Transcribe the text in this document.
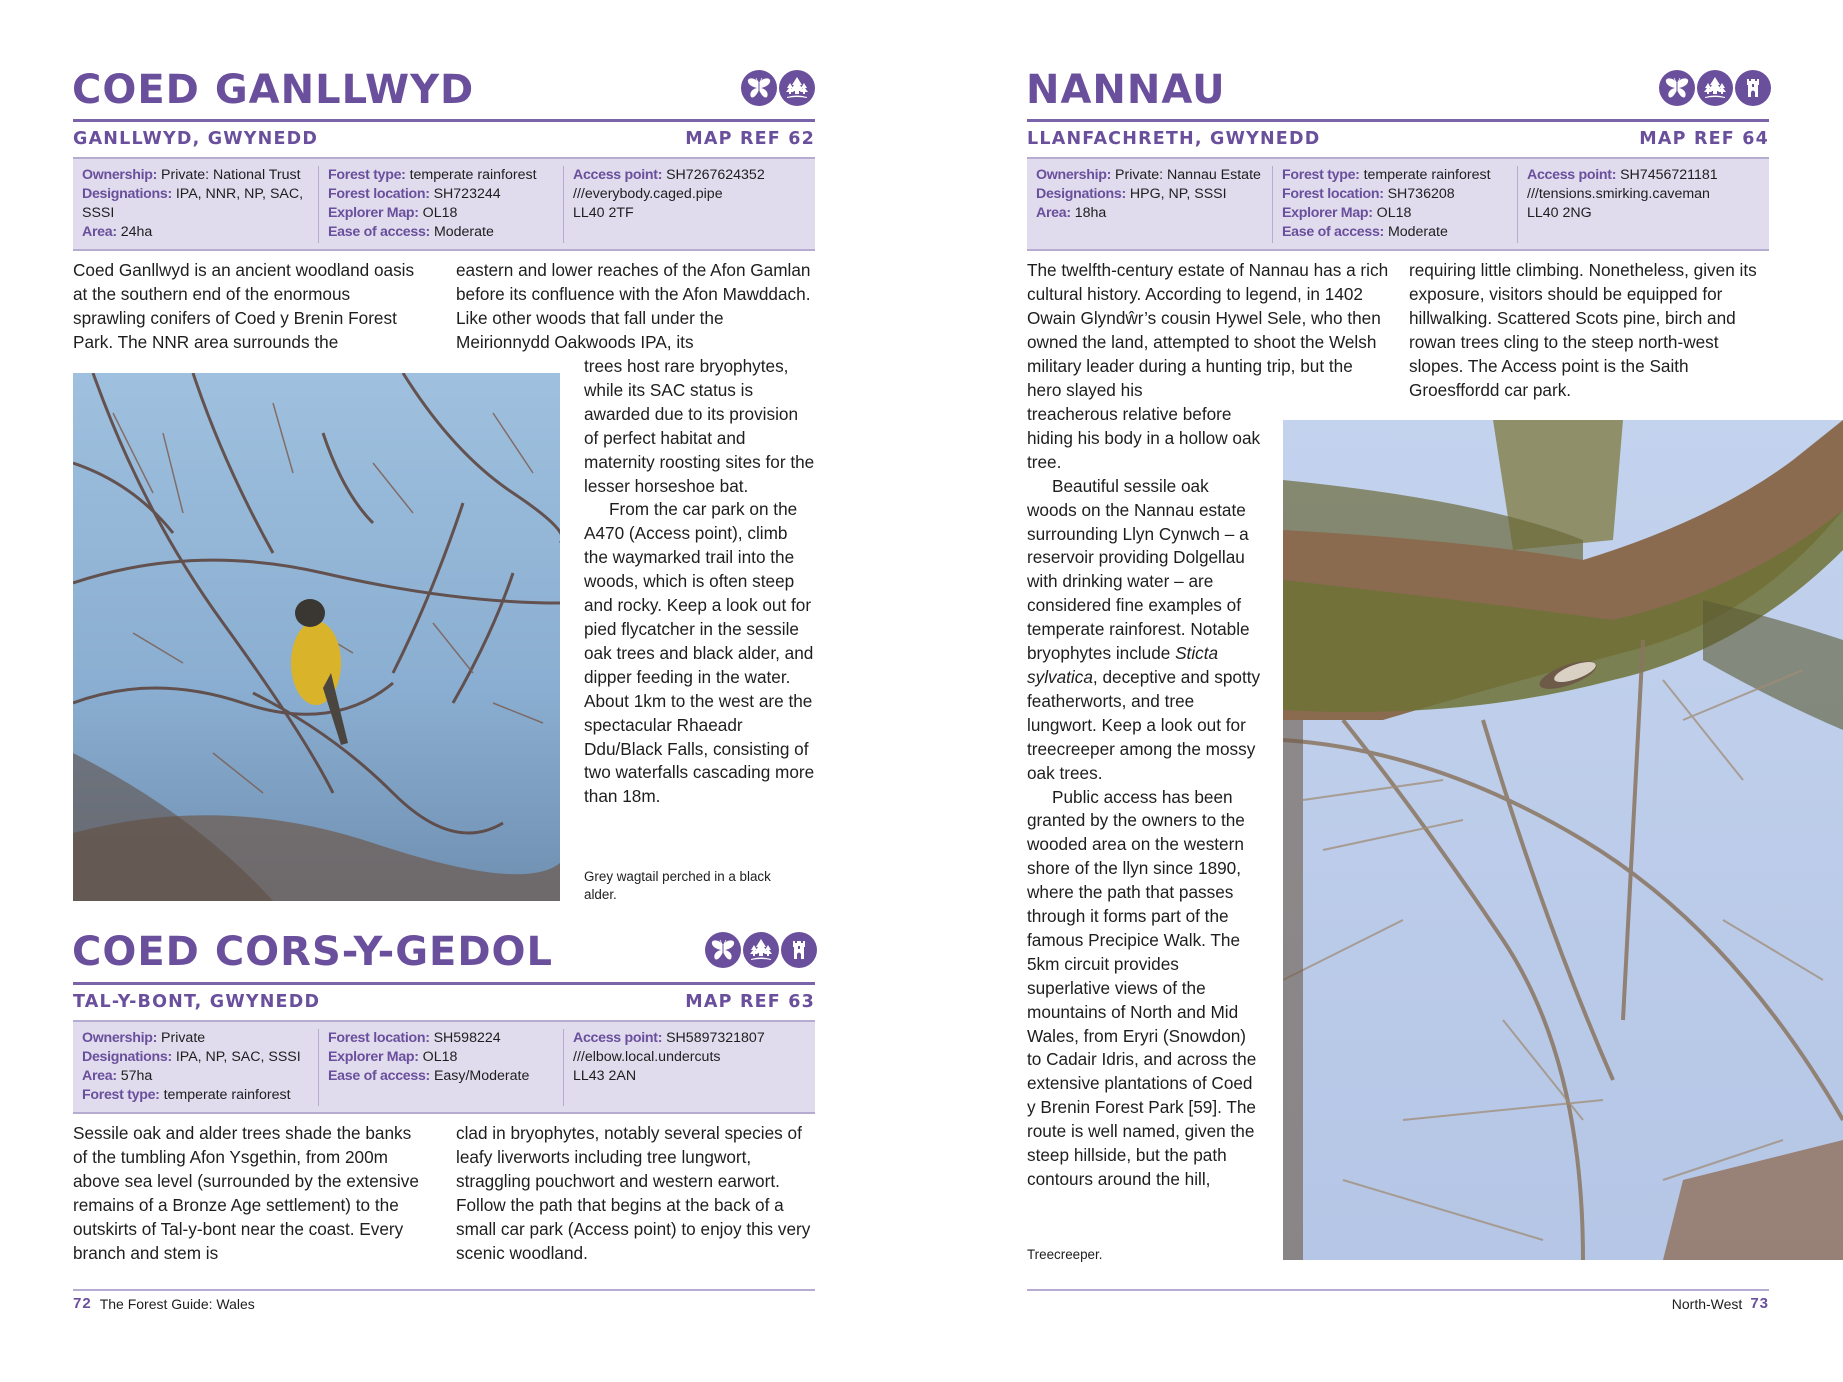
COED GANLLWYD
GANLLWYD, GWYNEDD	MAP REF 62
Ownership: Private: National Trust
Designations: IPA, NNR, NP, SAC, SSSI
Area: 24ha
Forest type: temperate rainforest
Forest location: SH723244
Explorer Map: OL18
Ease of access: Moderate
Access point: SH7267624352
///everybody.caged.pipe
LL40 2TF

Coed Ganllwyd is an ancient woodland oasis at the southern end of the enormous sprawling conifers of Coed y Brenin Forest Park. The NNR area surrounds the

eastern and lower reaches of the Afon Gamlan before its confluence with the Afon Mawddach. Like other woods that fall under the Meirionnydd Oakwoods IPA, its

trees host rare bryophytes, while its SAC status is awarded due to its provision of perfect habitat and maternity roosting sites for the lesser horseshoe bat.

From the car park on the A470 (Access point), climb the waymarked trail into the woods, which is often steep and rocky. Keep a look out for pied flycatcher in the sessile oak trees and black alder, and dipper feeding in the water. About 1km to the west are the spectacular Rhaeadr Ddu/Black Falls, consisting of two waterfalls cascading more than 18m.

Grey wagtail perched in a black alder.
COED CORS-Y-GEDOL
TAL-Y-BONT, GWYNEDD	MAP REF 63
Ownership: Private
Designations: IPA, NP, SAC, SSSI
Area: 57ha
Forest type: temperate rainforest
Forest location: SH598224
Explorer Map: OL18
Ease of access: Easy/Moderate
Access point: SH5897321807
///elbow.local.undercuts
LL43 2AN

Sessile oak and alder trees shade the banks of the tumbling Afon Ysgethin, from 200m above sea level (surrounded by the extensive remains of a Bronze Age settlement) to the outskirts of Tal-y-bont near the coast. Every branch and stem is

clad in bryophytes, notably several species of leafy liverworts including tree lungwort, straggling pouchwort and western earwort. Follow the path that begins at the back of a small car park (Access point) to enjoy this very scenic woodland.

72 The Forest Guide: Wales
NANNAU
LLANFACHRETH, GWYNEDD	MAP REF 64
Ownership: Private: Nannau Estate
Designations: HPG, NP, SSSI
Area: 18ha
Forest type: temperate rainforest
Forest location: SH736208
Explorer Map: OL18
Ease of access: Moderate
Access point: SH7456721181
///tensions.smirking.caveman
LL40 2NG

The twelfth-century estate of Nannau has a rich cultural history. According to legend, in 1402 Owain Glyndŵr’s cousin Hywel Sele, who then owned the land, attempted to shoot the Welsh military leader during a hunting trip, but the hero slayed his

treacherous relative before hiding his body in a hollow oak tree.

Beautiful sessile oak woods on the Nannau estate surrounding Llyn Cynwch – a reservoir providing Dolgellau with drinking water – are considered fine examples of temperate rainforest. Notable bryophytes include Sticta sylvatica, deceptive and spotty featherworts, and tree lungwort. Keep a look out for treecreeper among the mossy oak trees.

Public access has been granted by the owners to the wooded area on the western shore of the llyn since 1890, where the path that passes through it forms part of the famous Precipice Walk. The 5km circuit provides superlative views of the mountains of North and Mid Wales, from Eryri (Snowdon) to Cadair Idris, and across the extensive plantations of Coed y Brenin Forest Park [59]. The route is well named, given the steep hillside, but the path contours around the hill,

requiring little climbing. Nonetheless, given its exposure, visitors should be equipped for hillwalking. Scattered Scots pine, birch and rowan trees cling to the steep north-west slopes. The Access point is the Saith Groesffordd car park.

Treecreeper.
North-West 73
